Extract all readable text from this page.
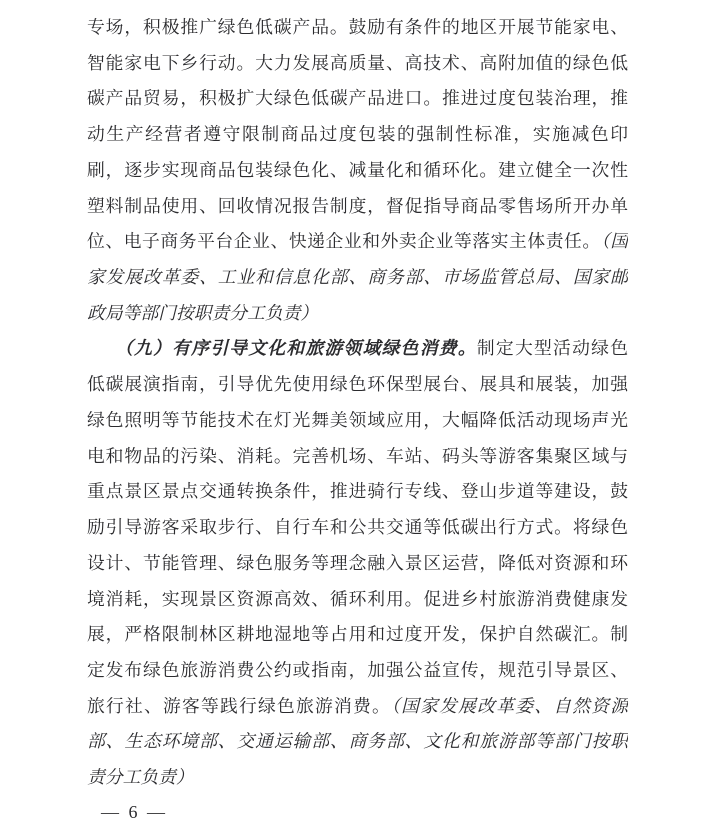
专场，积极推广绿色低碳产品。鼓励有条件的地区开展节能家电、
智能家电下乡行动。大力发展高质量、高技术、高附加值的绿色低
碳产品贸易，积极扩大绿色低碳产品进口。推进过度包装治理，推
动生产经营者遵守限制商品过度包装的强制性标准，实施减色印
刷，逐步实现商品包装绿色化、减量化和循环化。建立健全一次性
塑料制品使用、回收情况报告制度，督促指导商品零售场所开办单
位、电子商务平台企业、快递企业和外卖企业等落实主体责任。（国
家发展改革委、工业和信息化部、商务部、市场监管总局、国家邮
政局等部门按职责分工负责）
（九）有序引导文化和旅游领域绿色消费。制定大型活动绿色
低碳展演指南，引导优先使用绿色环保型展台、展具和展装，加强
绿色照明等节能技术在灯光舞美领域应用，大幅降低活动现场声光
电和物品的污染、消耗。完善机场、车站、码头等游客集聚区域与
重点景区景点交通转换条件，推进骑行专线、登山步道等建设，鼓
励引导游客采取步行、自行车和公共交通等低碳出行方式。将绿色
设计、节能管理、绿色服务等理念融入景区运营，降低对资源和环
境消耗，实现景区资源高效、循环利用。促进乡村旅游消费健康发
展，严格限制林区耕地湿地等占用和过度开发，保护自然碳汇。制
定发布绿色旅游消费公约或指南，加强公益宣传，规范引导景区、
旅行社、游客等践行绿色旅游消费。（国家发展改革委、自然资源
部、生态环境部、交通运输部、商务部、文化和旅游部等部门按职
责分工负责）
— 6 —
